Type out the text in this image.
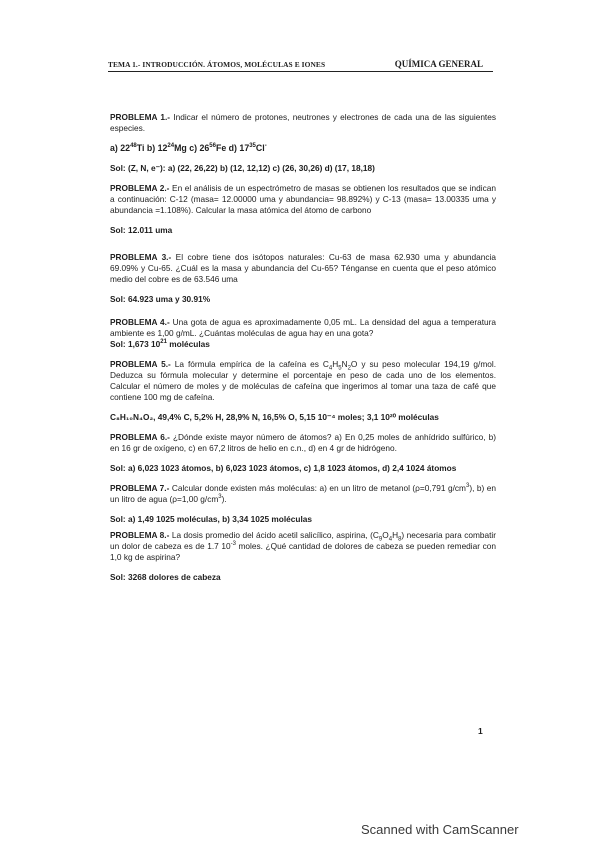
TEMA 1.- INTRODUCCIÓN. ÁTOMOS, MOLÉCULAS E IONES	QUÍMICA GENERAL

PROBLEMA 1.- Indicar el número de protones, neutrones y electrones de cada una de las siguientes especies.

a) $22^{48}Ti$ b) $12^{24}Mg$ c) $26^{56}Fe$ d) $17^{35}Cl^-$

Sol: (Z, N, e⁻): a) (22, 26,22) b) (12, 12,12) c) (26, 30,26) d) (17, 18,18)

PROBLEMA 2.- En el análisis de un espectrómetro de masas se obtienen los resultados que se indican a continuación: C-12 (masa= 12.00000 uma y abundancia= 98.892%) y C-13 (masa= 13.00335 uma y abundancia =1.108%). Calcular la masa atómica del átomo de carbono

Sol: 12.011 uma

PROBLEMA 3.- El cobre tiene dos isótopos naturales: Cu-63 de masa 62.930 uma y abundancia 69.09% y Cu-65. ¿Cuál es la masa y abundancia del Cu-65? Ténganse en cuenta que el peso atómico medio del cobre es de 63.546 uma

Sol: 64.923 uma y 30.91%

PROBLEMA 4.- Una gota de agua es aproximadamente 0,05 mL. La densidad del agua a temperatura ambiente es 1,00 g/mL. ¿Cuántas moléculas de agua hay en una gota?

Sol: 1,673 $10^{21}$ moléculas

PROBLEMA 5.- La fórmula empírica de la cafeína es $C_4H_5N_2O$ y su peso molecular 194,19 g/mol. Deduzca su fórmula molecular y determine el porcentaje en peso de cada uno de los elementos. Calcular el número de moles y de moléculas de cafeína que ingerimos al tomar una taza de café que contiene 100 mg de cafeína.

C₈H₁₀N₄O₂, 49,4% C, 5,2% H, 28,9% N, 16,5% O, 5,15 10⁻⁴ moles; 3,1 10²⁰ moléculas

PROBLEMA 6.- ¿Dónde existe mayor número de átomos? a) En 0,25 moles de anhídrido sulfúrico, b) en 16 gr de oxígeno, c) en 67,2 litros de helio en c.n., d) en 4 gr de hidrógeno.

Sol: a) 6,023 1023 átomos, b) 6,023 1023 átomos, c) 1,8 1023 átomos, d) 2,4 1024 átomos

PROBLEMA 7.- Calcular donde existen más moléculas: a) en un litro de metanol (ρ=0,791 $g/cm^3$), b) en un litro de agua (ρ=1,00 $g/cm^3$).

Sol: a) 1,49 1025 moléculas, b) 3,34 1025 moléculas

PROBLEMA 8.- La dosis promedio del ácido acetil salicílico, aspirina, $(C_9O_4H_8)$ necesaria para combatir un dolor de cabeza es de 1.7 $10^{-3}$ moles. ¿Qué cantidad de dolores de cabeza se pueden remediar con 1,0 kg de aspirina?

Sol: 3268 dolores de cabeza

1
Scanned with CamScanner
